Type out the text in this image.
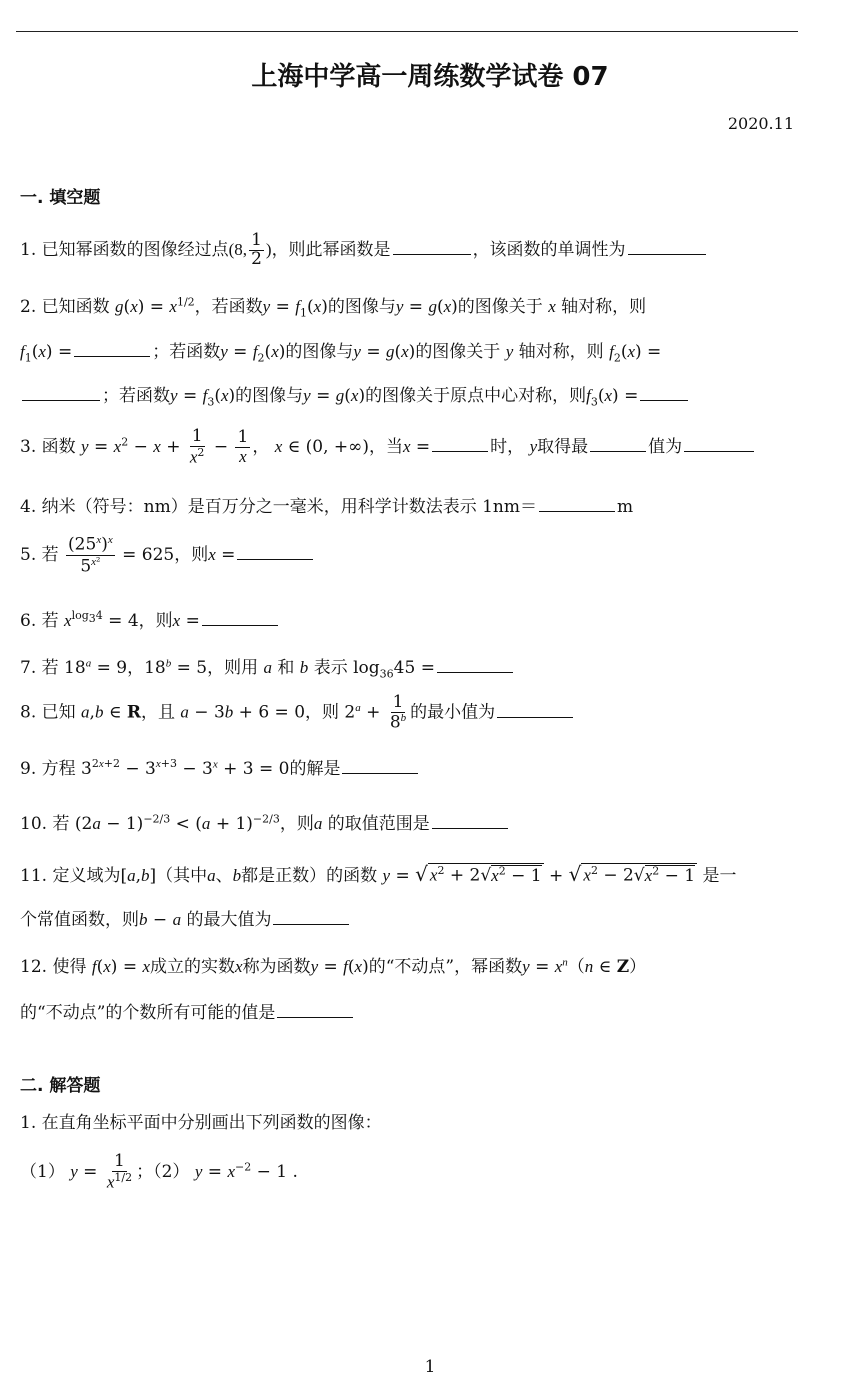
上海中学高一周练数学试卷 07
2020.11
一. 填空题
1. 已知幂函数的图像经过点(8, $\frac{1}{2}$ )，则此幂函数是	，该函数的单调性为
2. 已知函数 $g(x) = x^{1/2}$，若函数$y = f_1(x)$的图像与y = g(x)的图像关于 x 轴对称，则
$f_1(x)$ =	；若函数$y = f_2(x)$的图像与y = g(x)的图像关于 y 轴对称，则 $f_2(x)$ =
；若函数$y = f_3(x)$的图像与y = g(x)的图像关于原点中心对称，则$f_3(x)$ =
3. 函数 $y = x^2 - x + \frac{1}{x^2} - \frac{1}{x}$ ， x ∈ (0, +∞)，当x =	时， y取得最	值为
4. 纳米（符号：nm）是百万分之一毫米，用科学计数法表示 1nm＝	m
5. 若 $\frac{(25^x)^x}{5^{x^2}} = 625$，则x =
6. 若 $x^{log_34} = 4$，则x =
7. 若 $18^a = 9$，$18^b = 5$，则用 a 和 b 表示 $\log_{36}45$ =
8. 已知 a,b ∈ R，且 a − 3b + 6 = 0，则 $2^a + \frac{1}{8^b}$ 的最小值为
9. 方程 $3^{2x+2} - 3^{x+3} - 3^x + 3 = 0$的解是
10. 若 $(2a - 1)^{-2/3} < (a + 1)^{-2/3}$，则a 的取值范围是
11. 定义域为[a,b]（其中a、b都是正数）的函数 y = √ $x^2 + 2√x^2 - 1$ + √ $x^2 - 2√x^2 - 1$ 是一
个常值函数，则b − a 的最大值为
12. 使得 f(x) = x成立的实数x称为函数y = f(x)的“不动点”，幂函数$y = x^n(n$ ∈ Z）
的“不动点”的个数所有可能的值是
二. 解答题
1. 在直角坐标平面中分别画出下列函数的图像：
（1） $y = \frac{1}{x^{1/2}}$ ；（2） $y = x^{-2} - 1$ .
1
